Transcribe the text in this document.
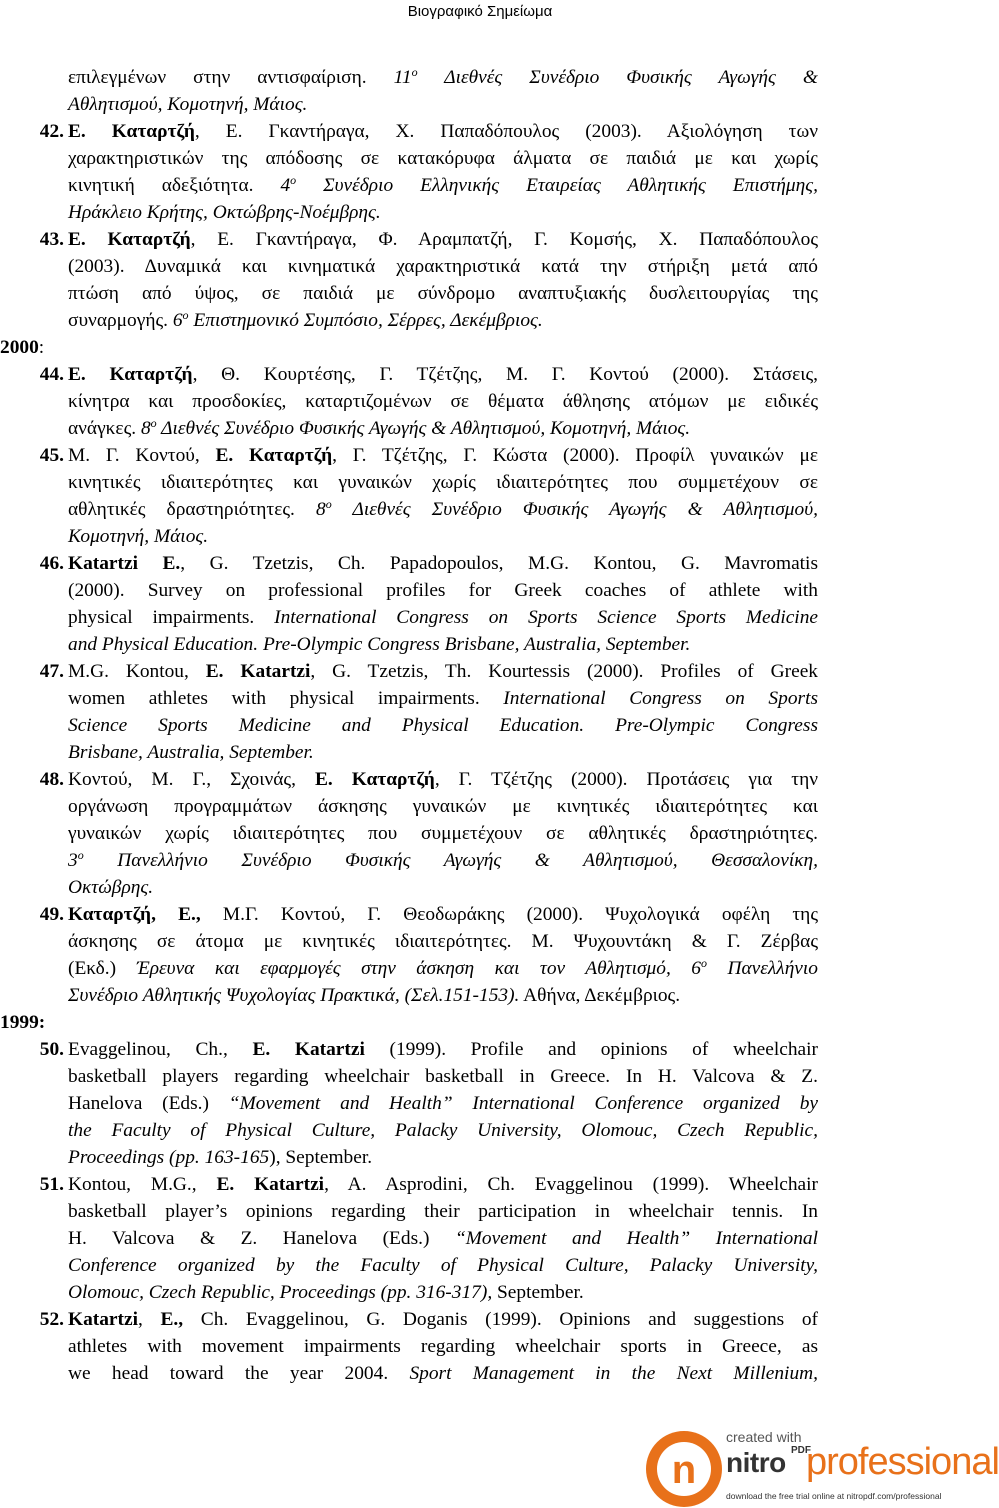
Βιογραφικό Σημείωμα
επιλεγμένων στην αντισφαίριση. $11^o$ Διεθνές Συνέδριο Φυσικής Αγωγής &
Αθλητισμού, Κομοτηνή, Μάιος.
42. Ε. Καταρτζή, Ε. Γκαντήραγα, Χ. Παπαδόπουλος (2003). Αξιολόγηση των
χαρακτηριστικών της απόδοσης σε κατακόρυφα άλματα σε παιδιά με και χωρίς
κινητική αδεξιότητα. $4^o$ Συνέδριο Ελληνικής Εταιρείας Αθλητικής Επιστήμης,
Ηράκλειο Κρήτης, Οκτώβρης-Νοέμβρης.
43. Ε. Καταρτζή, Ε. Γκαντήραγα, Φ. Αραμπατζή, Γ. Κομσής, Χ. Παπαδόπουλος
(2003). Δυναμικά και κινηματικά χαρακτηριστικά κατά την στήριξη μετά από
πτώση από ύψος, σε παιδιά με σύνδρομο αναπτυξιακής δυσλειτουργίας της
συναρμογής. $6^o$ Επιστημονικό Συμπόσιο, Σέρρες, Δεκέμβριος.
2000:
44. Ε. Καταρτζή, Θ. Κουρτέσης, Γ. Τζέτζης, Μ. Γ. Κοντού (2000). Στάσεις,
κίνητρα και προσδοκίες, καταρτιζομένων σε θέματα άθλησης ατόμων με ειδικές
ανάγκες. $8^o$ Διεθνές Συνέδριο Φυσικής Αγωγής & Αθλητισμού, Κομοτηνή, Μάιος.
45. Μ. Γ. Κοντού, Ε. Καταρτζή, Γ. Τζέτζης, Γ. Κώστα (2000). Προφίλ γυναικών με
κινητικές ιδιαιτερότητες και γυναικών χωρίς ιδιαιτερότητες που συμμετέχουν σε
αθλητικές δραστηριότητες. $8^o$ Διεθνές Συνέδριο Φυσικής Αγωγής & Αθλητισμού,
Κομοτηνή, Μάιος.
46. Katartzi E., G. Tzetzis, Ch. Papadopoulos, M.G. Kontou, G. Mavromatis
(2000). Survey on professional profiles for Greek coaches of athlete with
physical impairments. International Congress on Sports Science Sports Medicine
and Physical Education. Pre-Olympic Congress Brisbane, Australia, September.
47. M.G. Kontou, E. Katartzi, G. Tzetzis, Th. Kourtessis (2000). Profiles of Greek
women athletes with physical impairments. International Congress on Sports
Science Sports Medicine and Physical Education. Pre-Olympic Congress
Brisbane, Australia, September.
48. Κοντού, Μ. Γ., Σχοινάς, Ε. Καταρτζή, Γ. Τζέτζης (2000). Προτάσεις για την
οργάνωση προγραμμάτων άσκησης γυναικών με κινητικές ιδιαιτερότητες και
γυναικών χωρίς ιδιαιτερότητες που συμμετέχουν σε αθλητικές δραστηριότητες.
$3^o$ Πανελλήνιο Συνέδριο Φυσικής Αγωγής & Αθλητισμού, Θεσσαλονίκη,
Οκτώβρης.
49. Καταρτζή, Ε., Μ.Γ. Κοντού, Γ. Θεοδωράκης (2000). Ψυχολογικά οφέλη της
άσκησης σε άτομα με κινητικές ιδιαιτερότητες. Μ. Ψυχουντάκη & Γ. Ζέρβας
(Εκδ.) Έρευνα και εφαρμογές στην άσκηση και τον Αθλητισμό, $6^o$ Πανελλήνιο
Συνέδριο Αθλητικής Ψυχολογίας Πρακτικά, (Σελ.151-153). Αθήνα, Δεκέμβριος.
1999:
50. Evaggelinou, Ch., E. Katartzi (1999). Profile and opinions of wheelchair
basketball players regarding wheelchair basketball in Greece. In H. Valcova & Z.
Hanelova (Eds.) “Movement and Health” International Conference organized by
the Faculty of Physical Culture, Palacky University, Olomouc, Czech Republic,
Proceedings (pp. 163-165), September.
51. Kontou, M.G., E. Katartzi, A. Asprodini, Ch. Evaggelinou (1999). Wheelchair
basketball player’s opinions regarding their participation in wheelchair tennis. In
H. Valcova & Z. Hanelova (Eds.) “Movement and Health” International
Conference organized by the Faculty of Physical Culture, Palacky University,
Olomouc, Czech Republic, Proceedings (pp. 316-317), September.
52. Katartzi, E., Ch. Evaggelinou, G. Doganis (1999). Opinions and suggestions of
athletes with movement impairments regarding wheelchair sports in Greece, as
we head toward the year 2004. Sport Management in the Next Millenium,
n
created with
nitro PDF
professional
download the free trial online at nitropdf.com/professional
